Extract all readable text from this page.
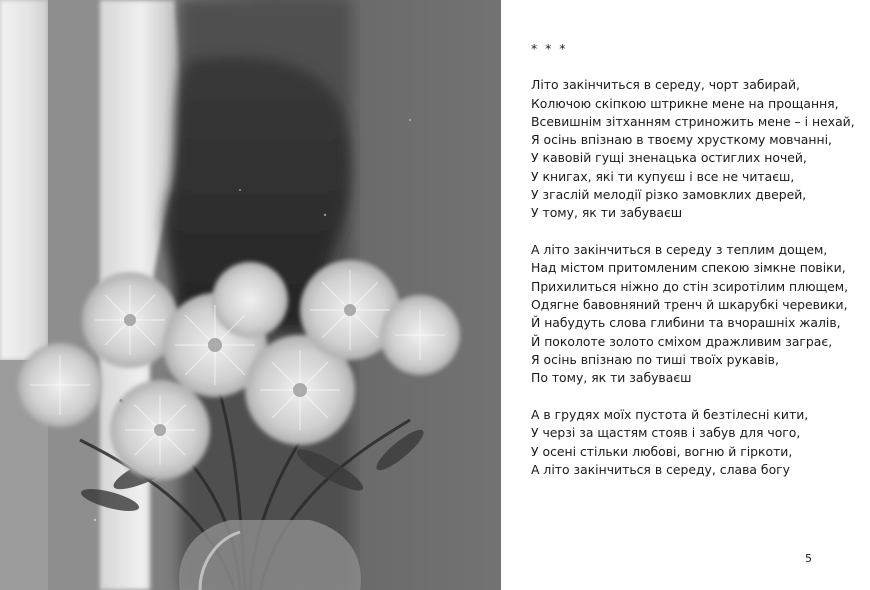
* * *
Літо закінчиться в середу, чорт забирай,
Колючою скіпкою штрикне мене на прощання,
Всевишнім зітханням стриножить мене – і нехай,
Я осінь впізнаю в твоєму хрусткому мовчанні,
У кавовій гущі зненацька остиглих ночей,
У книгах, які ти купуєш і все не читаєш,
У згаслій мелодії різко замовклих дверей,
У тому, як ти забуваєш
А літо закінчиться в середу з теплим дощем,
Над містом притомленим спекою зімкне повіки,
Прихилиться ніжно до стін зсиротілим плющем,
Одягне бавовняний тренч й шкарубкі черевики,
Й набудуть слова глибини та вчорашніх жалів,
Й поколоте золото сміхом дражливим заграє,
Я осінь впізнаю по тиші твоїх рукавів,
По тому, як ти забуваєш
А в грудях моїх пустота й безтілесні кити,
У черзі за щастям стояв і забув для чого,
У осені стільки любові, вогню й гіркоти,
А літо закінчиться в середу, слава богу
5
